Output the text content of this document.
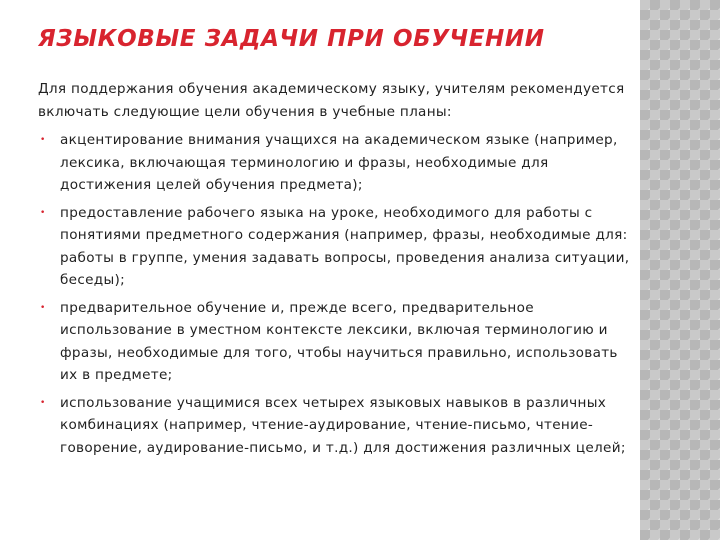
ЯЗЫКОВЫЕ ЗАДАЧИ ПРИ ОБУЧЕНИИ

Для поддержания обучения академическому языку, учителям рекомендуется включать следующие цели обучения в учебные планы:

• акцентирование внимания учащихся на академическом языке (например, лексика, включающая терминологию и фразы, необходимые для достижения целей обучения предмета);
• предоставление рабочего языка на уроке, необходимого для работы с понятиями предметного содержания (например, фразы, необходимые для: работы в группе, умения задавать вопросы, проведения анализа ситуации, беседы);
• предварительное обучение и, прежде всего, предварительное использование в уместном контексте лексики, включая терминологию и фразы, необходимые для того, чтобы научиться правильно, использовать их в предмете;
• использование учащимися всех четырех языковых навыков в различных комбинациях (например, чтение-аудирование, чтение-письмо, чтение-говорение, аудирование-письмо, и т.д.) для достижения различных целей;
